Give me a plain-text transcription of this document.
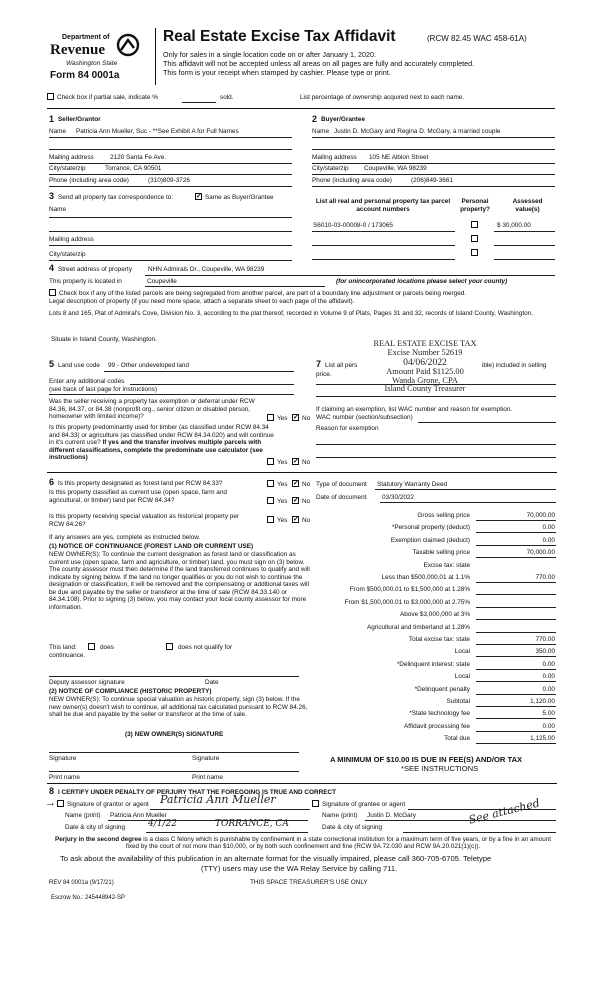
Department of
Revenue
Washington State
Form 84 0001a
Real Estate Excise Tax Affidavit	(RCW 82.45 WAC 458-61A)
Only for sales in a single location code on or after January 1, 2020.
This affidavit will not be accepted unless all areas on all pages are fully and accurately completed.
This form is your receipt when stamped by cashier. Please type or print.
Check box if partial sale, indicate %	sold.	List percentage of ownership acquired next to each name.
1 Seller/Grantor
Name Patricia Ann Mueller, Suc - **See Exhibit A for Full Names
Mailing address	2120 Santa Fe Ave.
City/state/zip	Torrance, CA 90501
Phone (including area code)	(310)809-3726
2 Buyer/Grantee
Name Justin D. McGary and Regina D. McGary, a married couple
Mailing address 105 NE Albion Street
City/state/zip Coupeville, WA 98239
Phone (including area code)	(206)849-3661
3 Send all property tax correspondence to: ✓	Same as Buyer/Grantee
Name
Mailing address
City/state/zip
List all real and personal property tax parcel account numbers
Personal property?
Assessed value(s)
S6010-03-00008-0 / 173065	$ 30,000.00
4 Street address of property	NHN Admirals Dr., Coupeville, WA 98239
This property is located in	Coupeville	(for unincorporated locations please select your county)
Check box if any of the listed parcels are being segregated from another parcel, are part of a boundary line adjustment or parcels being merged.
Legal description of property (if you need more space, attach a separate sheet to each page of the affidavit).
Lots 8 and 165, Plat of Admiral's Cove, Division No. 3, according to the plat thereof, recorded in Volume 9 of Plats, Pages 31 and 32, records of Island County, Washington.
Situate in Island County, Washington.	REAL ESTATE EXCISE TAX
Excise Number 52619
04/06/2022
Amount Paid $1125.00
Wanda Grone, CPA
Island County Treasurer
5 Land use code 99 - Other undeveloped land
Enter any additional codes
(see back of last page for instructions)
Was the seller receiving a property tax exemption or deferral under RCW 84.36, 84.37, or 84.38 (nonprofit org., senior citizen or disabled person, homeowner with limited income)?	Yes ✓ No
Is this property predominantly used for timber (as classified under RCW 84.34 and 84.33) or agriculture (as classified under RCW 84.34.020) and will continue in it's current use? If yes and the transfer involves multiple parcels with different classifications, complete the predominate use calculator (see instructions)
Yes ✓ No
7 List all pers	ible) included in selling
price.
If claiming an exemption, list WAC number and reason for exemption.
WAC number (section/subsection)
Reason for exemption
6 Is this property designated as forest land per RCW 84.33?	Yes ✓ No
Is this property classified as current use (open space, farm and agricultural, or timber) land per RCW 84.34?	Yes ✓ No
Is this property receiving special valuation as historical property per RCW 84.26?
Yes ✓ No
If any answers are yes, complete as instructed below.
(1) NOTICE OF CONTINUANCE (FOREST LAND OR CURRENT USE)
NEW OWNER(S): To continue the current designation as forest land or classification as current use (open space, farm and agriculture, or timber) land, you must sign on (3) below. The county assessor must then determine if the land transferred continues to qualify and will indicate by signing below. If the land no longer qualifies or you do not wish to continue the designation or classification, it will be removed and the compensating or additional taxes will be due and payable by the seller or transferor at the time of sale (RCW 84.33.140 or 84.34.108). Prior to signing (3) below, you may contact your local county assessor for more information.
This land:	does	does not qualify for
continuance.
Deputy assessor signature	Date
(2) NOTICE OF COMPLIANCE (HISTORIC PROPERTY)
NEW OWNER(S): To continue special valuation as historic property, sign (3) below. If the new owner(s) doesn't wish to continue, all additional tax calculated pursuant to RCW 84.26, shall be due and payable by the seller or transferor at the time of sale.
(3) NEW OWNER(S) SIGNATURE
Signature	Signature
Print name	Print name
Type of document Statutory Warranty Deed
Date of document 03/30/2022
Gross selling price	70,000.00
*Personal property (deduct)	0.00
Exemption claimed (deduct)	0.00
Taxable selling price	70,000.00
Excise tax: state
Less than $500,000.01 at 1.1%	770.00
From $500,000.01 to $1,500,000 at 1.28%
From $1,500,000.01 to $3,000,000 at 2.75%
Above $3,000,000 at 3%
Agricultural and timberland at 1.28%
Total excise tax: state	770.00
Local	350.00
*Delinquent interest: state	0.00
Local	0.00
*Delinquent penalty	0.00
Subtotal	1,120.00
*State technology fee	5.00
Affidavit processing fee	0.00
Total due	1,125.00
A MINIMUM OF $10.00 IS DUE IN FEE(S) AND/OR TAX
*SEE INSTRUCTIONS
8 I CERTIFY UNDER PENALTY OF PERJURY THAT THE FOREGOING IS TRUE AND CORRECT
→ Signature of grantor or agent Patricia Ann Mueller	Signature of grantee or agent
Name (print) Patricia Ann Mueller	Name (print) Justin D. McGary
Date & city of signing	4/1/22	TORRANCE, CA	Date & city of signing
See attached
Perjury in the second degree is a class C felony which is punishable by confinement in a state correctional institution for a maximum term of five years, or by a fine in an amount fixed by the court of not more than $10,000, or by both such confinement and fine (RCW 9A.72.030 and RCW 9A.20.021(1)(c)).
To ask about the availability of this publication in an alternate format for the visually impaired, please call 360-705-6705. Teletype
(TTY) users may use the WA Relay Service by calling 711.
REV 84 0001a (9/17/21)	THIS SPACE TREASURER'S USE ONLY
Escrow No.: 245448942-SP
